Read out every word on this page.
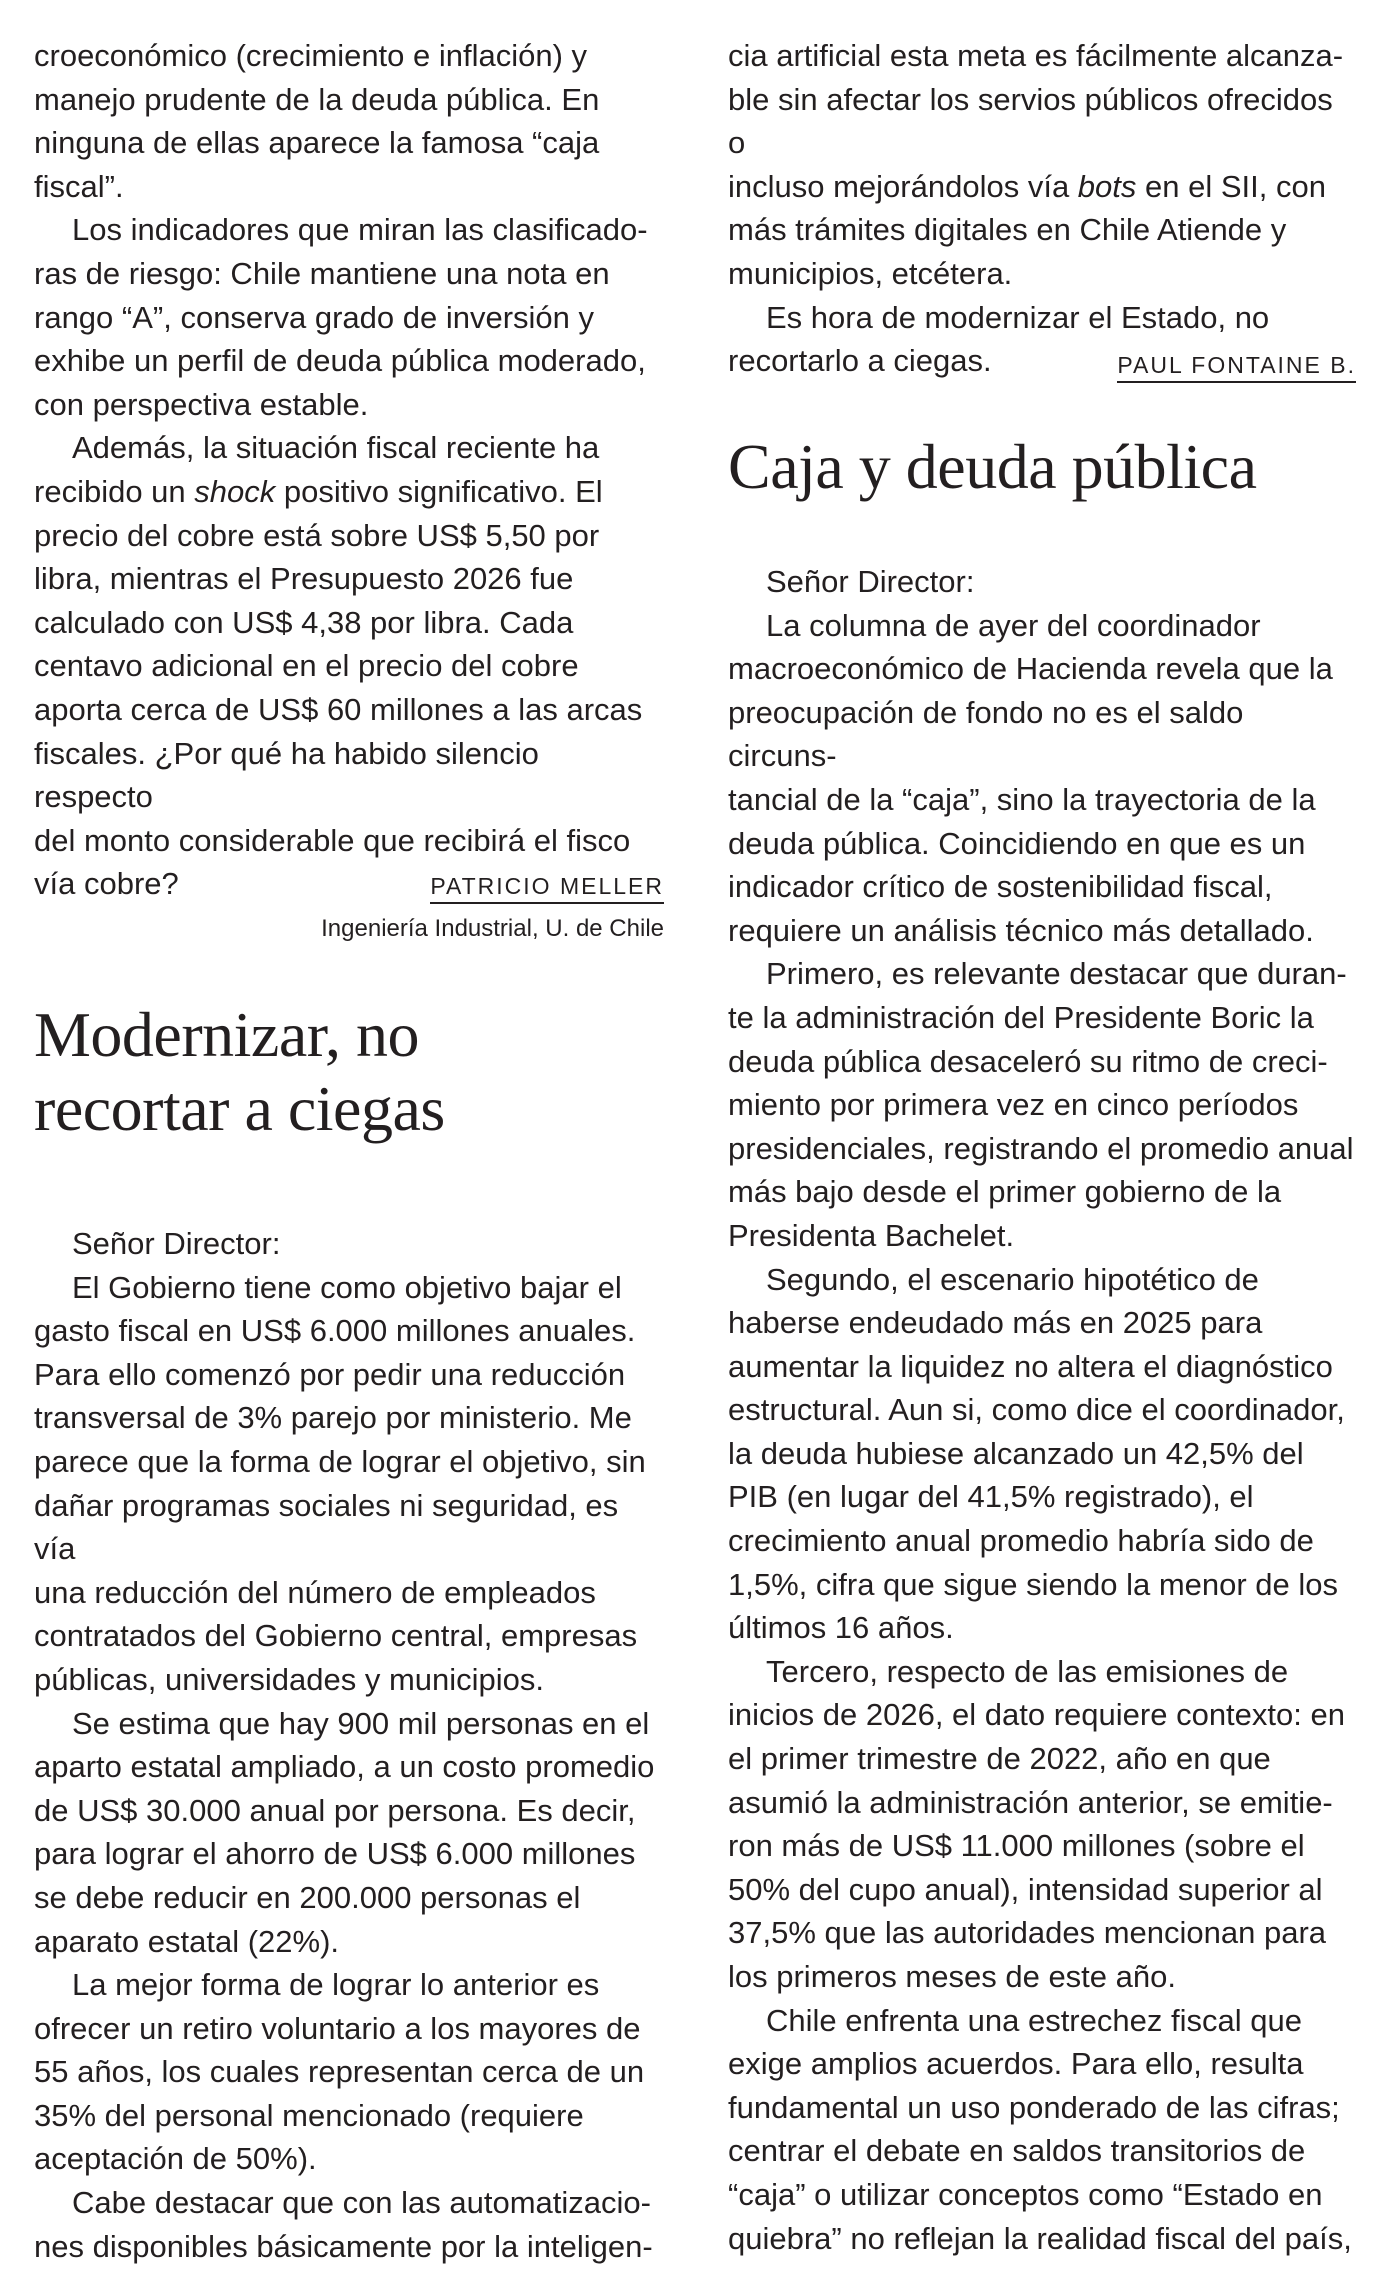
croeconómico (crecimiento e inflación) y

manejo prudente de la deuda pública. En

ninguna de ellas aparece la famosa “caja

fiscal”.

Los indicadores que miran las clasificado-

ras de riesgo: Chile mantiene una nota en

rango “A”, conserva grado de inversión y

exhibe un perfil de deuda pública moderado,

con perspectiva estable.

Además, la situación fiscal reciente ha

recibido un shock positivo significativo. El

precio del cobre está sobre US$ 5,50 por

libra, mientras el Presupuesto 2026 fue

calculado con US$ 4,38 por libra. Cada

centavo adicional en el precio del cobre

aporta cerca de US$ 60 millones a las arcas

fiscales. ¿Por qué ha habido silencio respecto

del monto considerable que recibirá el fisco

vía cobre?	PATRICIO MELLER
Ingeniería Industrial, U. de Chile
Modernizar, no
recortar a ciegas

Señor Director:

El Gobierno tiene como objetivo bajar el

gasto fiscal en US$ 6.000 millones anuales.

Para ello comenzó por pedir una reducción

transversal de 3% parejo por ministerio. Me

parece que la forma de lograr el objetivo, sin

dañar programas sociales ni seguridad, es vía

una reducción del número de empleados

contratados del Gobierno central, empresas

públicas, universidades y municipios.

Se estima que hay 900 mil personas en el

aparto estatal ampliado, a un costo promedio

de US$ 30.000 anual por persona. Es decir,

para lograr el ahorro de US$ 6.000 millones

se debe reducir en 200.000 personas el

aparato estatal (22%).

La mejor forma de lograr lo anterior es

ofrecer un retiro voluntario a los mayores de

55 años, los cuales representan cerca de un

35% del personal mencionado (requiere

aceptación de 50%).

Cabe destacar que con las automatizacio-

nes disponibles básicamente por la inteligen-

cia artificial esta meta es fácilmente alcanza-

ble sin afectar los servios públicos ofrecidos o

incluso mejorándolos vía bots en el SII, con

más trámites digitales en Chile Atiende y

municipios, etcétera.

Es hora de modernizar el Estado, no

recortarlo a ciegas.	PAUL FONTAINE B.
Caja y deuda pública

Señor Director:

La columna de ayer del coordinador

macroeconómico de Hacienda revela que la

preocupación de fondo no es el saldo circuns-

tancial de la “caja”, sino la trayectoria de la

deuda pública. Coincidiendo en que es un

indicador crítico de sostenibilidad fiscal,

requiere un análisis técnico más detallado.

Primero, es relevante destacar que duran-

te la administración del Presidente Boric la

deuda pública desaceleró su ritmo de creci-

miento por primera vez en cinco períodos

presidenciales, registrando el promedio anual

más bajo desde el primer gobierno de la

Presidenta Bachelet.

Segundo, el escenario hipotético de

haberse endeudado más en 2025 para

aumentar la liquidez no altera el diagnóstico

estructural. Aun si, como dice el coordinador,

la deuda hubiese alcanzado un 42,5% del

PIB (en lugar del 41,5% registrado), el

crecimiento anual promedio habría sido de

1,5%, cifra que sigue siendo la menor de los

últimos 16 años.

Tercero, respecto de las emisiones de

inicios de 2026, el dato requiere contexto: en

el primer trimestre de 2022, año en que

asumió la administración anterior, se emitie-

ron más de US$ 11.000 millones (sobre el

50% del cupo anual), intensidad superior al

37,5% que las autoridades mencionan para

los primeros meses de este año.

Chile enfrenta una estrechez fiscal que

exige amplios acuerdos. Para ello, resulta

fundamental un uso ponderado de las cifras;

centrar el debate en saldos transitorios de

“caja” o utilizar conceptos como “Estado en

quiebra” no reflejan la realidad fiscal del país,
